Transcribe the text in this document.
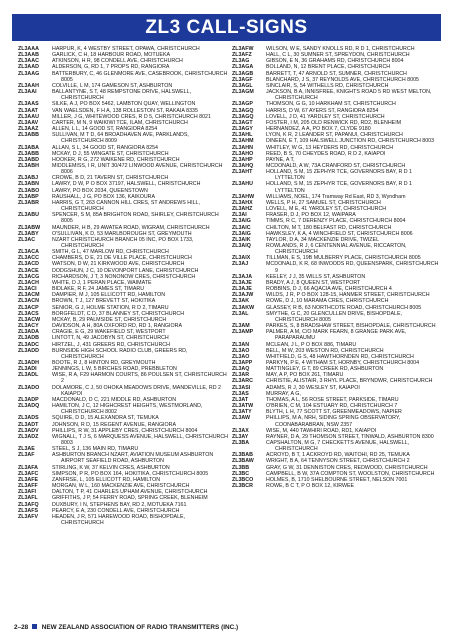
ZL3 CALL-SIGNS
ZL3AAA	HARPUR, K, 4 WESTBY STREET, OPAWA, CHRISTCHURCH
ZL3AAB	GARLICK, C H, 18 HARBOUR ROAD, MOTUEKA
ZL3AAC	ATKINSON, H R, 98 CONDELL AVE, CHRISTCHURCH
ZL3AAD	ALDERSON, G, RD 1, 7 PROPS RD, RANGIORA
ZL3AAG	BATTERBURY, C, 46 GLENMORE AVE, CASEBROOK, CHRISTCHURCH 8005
ZL3AAH	COLVILLE, L M, 174 GAMESON ST, ASHBURTON
ZL3AAI	BALLANTYNE, S T, 48 REMPSTONE DRIVE, HALSWELL, CHRISTCHURCH
ZL3AAS	SILKE, A J, PO BOX 5462, LAMBTON QUAY, WELLINGTON
ZL3AAT	VAN WAELSDEN, F H A, 138 ROLLESTON ST, RAKAIA 8335
ZL3AAU	MILLER, J G, WHITEWOOD CRES, R D 5, CHRISTCHURCH 8021
ZL3AAV	CARTER, M N, 9 WAIKIWI TCE, ILAM, CHRISTCHURCH
ZL3AAZ	ALLEN, L L, 14 GOOD ST, RANGIORA 8254
ZL3ABB	SULLIVAN, M T D, 64 BROADHAVEN AVE, PARKLANDS, CHRISTCHURCH 8009
ZL3ABA	ALLAN, S L, 34 GOOD ST, RANGIORA 8254
ZL3ABB	MCKAY, D J, 55 WINGATE ST, CHRISTCHURCH
ZL3ABD	HOOKER, R G, 272 WAIKENE RD, CHRISTCHURCH
ZL3ABH	MIDDLEMISS, I R, UNIT 30/472 LINWOOD AVENUE, CHRISTCHURCH 8006
ZL3ABJ	CROWE, B D, 21 TAVERN ST, CHRISTCHURCH
ZL3ABN	LAWRY, D W, P O BOX 37197, HALSWELL, CHRISTCHURCH
ZL3ABO	LAWRY, PO BOX 2034, QUEENSTOWN
ZL3ABP	RAUSHALL, J G, PO BOX 136, KAIKOURA
ZL3ABR	HARRIS, G T, 263 CANNON HILL CRES, ST ANDREWS HILL, CHRISTCHURCH
ZL3ABU	SPENCER, S M, 85A BRIGHTON ROAD, SHIRLEY, CHRISTCHURCH 8005
ZL3ABW	MAUNDER, H B, 29 AWATEA ROAD, WIGRAM, CHRISTCHURCH
ZL3ABY	O'SULLIVAN, K D, 53 MARLBOROUGH ST, GREYMOUTH
ZL3AC	NZART CHRISTCHURCH BRANCH 05 INC, PO BOX 1733, CHRISTCHURCH
ZL3ACA	SMITH, G L, 47 MARLOW RD, CHRISTCHURCH
ZL3ACC	CHAMBERS, D E, 21 DE VILLE PLACE, CHRISTCHURCH
ZL3ACD	WATSON, D W, 21 KIRKWOOD AVE, CHRISTCHURCH
ZL3ACE	DODGSHUN, J C, 10 DEVONPORT LANE, CHRISTCHURCH
ZL3ACG	RICHARDSON, J T, 3 NONONOW CRES, CHRISTCHURCH
ZL3ACH	WHITE, D J, 1 PERAN PLACE, WAIMATE
ZL3ACI	BIDLAKE, R F, 24 JAMES ST, TIMARU
ZL3ACM	DAMPIER, M J, 105 ELLICOTT RD, HAMILTON
ZL3ACN	BROWN, T J, 127 BREVETT ST, HOKITIKA
ZL3ACP	SENIOR, G J, HOLME STATION, R D 2, TIMARU
ZL3ACS	BORGFELDT, C D, 37 BLANNEY ST, CHRISTCHURCH
ZL3ACW	MCKAY, B, 29 PALMSIDE ST, CHRISTCHURCH
ZL3ACY	DAVIDSON, A H, 80A OXFORD RD, RD 1, RANGIORA
ZL3ADA	CRAGIE, E G, 29 WAKEFIELD ST, WESTPORT
ZL3ADB	LINTOTT, N, 49 JACOBYN ST, CHRISTCHURCH
ZL3ADC	HIRTZEL, J, 431 GREERS RD, CHRISTCHURCH
ZL3ADD	BURNSIDE HIGH SCHOOL RADIO CLUB, GREERS RD, CHRISTCHURCH
ZL3ADH	BOOTE, R J, 8 HINTON RD, GREYMOUTH
ZL3ADI	JENNINGS, L W, 5 BIRCHES ROAD, PREBBLETON
ZL3ADL	WISE, R A, F29 HARMON COURTS, 86 POULSEN ST, CHRISTCHURCH 2
ZL3ADO	DOLAMORE, C J, 50 OHOKA MEADOWS DRIVE, MANDEVILLE, RD 2 KAIAPOI
ZL3ADP	MACDONALD, D C, 221 MIDDLE RD, ASHBURTON
ZL3ADQ	HAMILTON, J C, 12 HIGHCREST HEIGHTS, WESTMORLAND, CHRISTCHURCH 8002
ZL3ADS	SQUIRE, D D, 15 ALEXANDRA ST, TEMUKA
ZL3ADT	JOHNSON, R D, 15 REGENT AVENUE, RANGIORA
ZL3ADV	PHILLIPS, R W, 31 APPLEBY CRES, CHRISTCHURCH 8004
ZL3ADZ	WIGNALL, T J S, 6 MARQUESS AVENUE, HALSWELL, CHRISTCHURCH 8003
ZL3AE	STEEL, S J, 136 MAIN RD, TIMARU
ZL3AF	ASHBURTON BRANCH NZART, AVIATION MUSEUM ASHBURTON AIRPORT SEAFIELD ROAD, ASHBURTON
ZL3AFA	STIRLING, K W, 37 KELVIN CRES, ASHBURTON
ZL3AFC	SIMPSON, P R, PO BOX 164, HOKITIKA, CHRISTCHURCH 8005
ZL3AFE	ZANFRSE, L, 105 ELLICOTT RD, HAMILTON
ZL3AFF	MORGAN, W L, 160 MACKENZIE AVE, CHRISTCHURCH
ZL3AFI	DALTON, T P, 41 CHARLES UPHAM AVENUE, CHRISTCHURCH
ZL3AFL	GRIFFITHS, J P, 54 FERRY ROAD, SPRING CREEK, BLENHEIM
ZL3AFQ	DUXBURY, I N, STEPHENS BAY, RD 2, MOTUEKA 7161
ZL3AFS	PEARCY, E A, 230 CONDELL AVE, CHRISTCHURCH
ZL3AFV	HEADEN, J R, 571 HAREWOOD ROAD, BISHOPDALE, CHRISTCHURCH
ZL3AFW	WILSON, W E, SANDY KNOLLS RD, R D 1, CHRISTCHURCH
ZL3AFZ	HALL, C L, 30 SUMNER ST, SPREYDON, CHRISTCHURCH
ZL3AG	GIBSON, E N, 36 GRAHAMS RD, CHRISTCHURCH 8004
ZL3AGA	BOLLAND, N, 12 BRENT PLACE, CHRISTCHURCH
ZL3AGB	BARRETT, T, 47 ARNOLD ST, SUMNER, CHRISTCHURCH
ZL3AGF	BLANCHARD, J S, 37 REYNOLDS AVE, CHRISTCHURCH 8005
ZL3AGL	SINCLAIR, S, 54 WITHELLS RD, CHRISTCHURCH
ZL3AGM	JACKSON, B A, INNISFREE, KNIGHTS ROAD 5 RD WEST MELTON, CHRISTCHURCH
ZL3AGP	THOMSON, G G, 10 HARKHAM ST, CHRISTCHURCH
ZL3AGQ	HARRIS, D W, 67 AYERS ST, RANGIORA 8254
ZL3AGQ	LOVELL, J D, 41 YARDLEY ST, CHRISTCHURCH
ZL3AGT	FOSTER, I M, 205 OLD RENWICK RD, RD2, BLENHEIM
ZL3AGY	HERNANDEZ, A A, PO BOX 7, CLYDE 9180
ZL3AHL	LYON, K R, 2 LEANDER ST, PAPANUI, CHRISTCHURCH
ZL3AHM	DINEEN, E T, 109 HALSWELL JUNCTION RD, CHRISTCHURCH 8003
ZL3AHN	WHITLEY, W G, 13 HEYDERS RD, CHRISTCHURCH
ZL3AHO	REED, B S, 70 CHEYDES ROAD, R D 2, KAIAPOI
ZL3AHP	PAYNE, A T,
ZL3AHQ	MCDONALD, A W, 73A CRANFORD ST, CHRISTCHURCH
ZL3AHT	HOLLAND, S M, 15 ZEPHYR TCE, GOVERNORS BAY, R D 1 LYTTELTON
ZL3AHU	HOLLAND, S M, 15 ZEPHYR TCE, GOVERNORS BAY, R D 1 LYTTELTON
ZL3AHW	WILLIAMS, NOEL, 174 Tramway Rd East, RD 3, Wyndham
ZL3AHX	WELLS, P H, 27 SAMUEL ST, CHRISTCHURCH
ZL3AHZ	LOVELL, M E, 41 YARDLEY ST, CHRISTCHURCH
ZL3AI	FRASER, D J, PO BOX 12, WAIPARA
ZL3AIG	TIMMS, R C, 7 DERENZY PLACE, CHRISTCHURCH 8004
ZL3AIC	CHILTON, M T, 180 BELFAST RD, CHRISTCHURCH
ZL3AIG	HAWKSLEY, K A, 4 WINCHFIELD ST, CHRISTCHURCH 8006
ZL3AIK	TAYLOR, D A, 34 MACKENZIE DRIVE, TWIZEL
ZL3AIQ	ROWLANDS, R J, 6 CENTENNIAL AVENUE, RICCARTON, CHRISTCHURCH
ZL3AIX	TILLMAN, E S, 19B MULBERRY PLACE, CHRISTCHURCH 8005
ZL3AJ	MCDONALD, K R, 68 INWOODS RD, QUEENSPARK, CHRISTCHURCH 9
ZL3AJA	KEELEY, J J, 35 WILLS ST, ASHBURTON
ZL3AJE	BRADY, A J, 8 QUEEN ST, WESTPORT
ZL3AJE	ROBBINS, D J, 66 AQACIA AVE, CHRISTCHURCH 4
ZL3AJW	WILDS, J R, P O BOX 128-15, HANMER STREET, CHRISTCHURCH
ZL3AK	ROWE, D J, 10 MARAMA CRES, CHRISTCHURCH
ZL3AKW	GLASSEY, R B, 63 NORTHCOTE ROAD, CHRISTCHURCH 8005
ZL3AL	SMYTHE, G C, 20 GLENCULLEN DRIVE, BISHOPDALE, CHRISTCHURCH 8005
ZL3AM	PARKES, S, 8 BRADSHAW STREET, BISHOPDALE, CHRISTCHURCH
ZL3AMP	PALMER, A M, C/O MARK FEARN, 8 GRANGE PARK AVE, PARAPARAUMU
ZL3AN	MCLEAN, J L, P O BOX 886, TIMARU
ZL3AO	BELL, M W, 203 WESTON RD, CHRISTCHURCH
ZL3AO	WHITFIELD, G S, 48 HAWTHORNDEN RD, CHRISTCHURCH
ZL3APP	PARKYN, P E, 4 WITHAM ST, HORNBY, CHRISTCHURCH 8004
ZL3AQ	MATTINGLEY, G T, 89 CREEK RD, ASHBURTON
ZL3AR	MAY, A P, PO BOX 261, TIMARU
ZL3ARC	CHRISTIE, ALISTAIR, 3 RHYL PLACE, BRYNDWR, CHRISTCHURCH
ZL3ASI	ADAMS, R J, 30 WESLEY ST, KAIAPOI
ZL3AS	MURRAY, A G,
ZL3AT	THOMAS, A L, 56 ROSE STREET, PARKSIDE, TIMARU
ZL3ATW	O'BRIEN, C M, 104 ESTUARY RD, CHRISTCHURCH 7
ZL3ATY	BLYTH, L H, 77 SCOTT ST, GREENMEADOWS, NAPIER
ZL3AW	PHILLIPS, M A, NRH, SIDING SPRING OBSERVATORY, COONABARABRAN, NSW 2357
ZL3AX	WISE, M, 440 TAWHIRI ROAD, RD1, KAIAPOI
ZL3AY	RAYNER, D A, 29 THOMSON STREET, TINWALD, ASHBURTON 8300
ZL3BA	CAPSHALTON, M G, 7 CHECKETTS AVENUE, HALSWELL, CHRISTCHURCH
ZL3BAB	ACROYD, B T, 1 ACKROYD RD, WAITOHI, RD 25, TEMUKA
ZL3BAW	WRIGHT, B A, 64 TENNYSON STREET, CHRISTCHURCH 2
ZL3BB	GRAY, G W, 31 DENNISTON CRES, REDWOOD, CHRISTCHURCH
ZL3BC	CAMPBELL, B W, 37A COMPTON ST, WOOLSTON, CHRISTCHURCH
ZL3BCO	HOLMES, B, 1710 SHELBOURNE STREET, NELSON 7001
ZL3BCR	ROWE, B C T, P O BOX 12, KIRWEE
2–28 NEW ZEALAND ASSOCIATION OF RADIO TRANSMITTERS (INC.)
